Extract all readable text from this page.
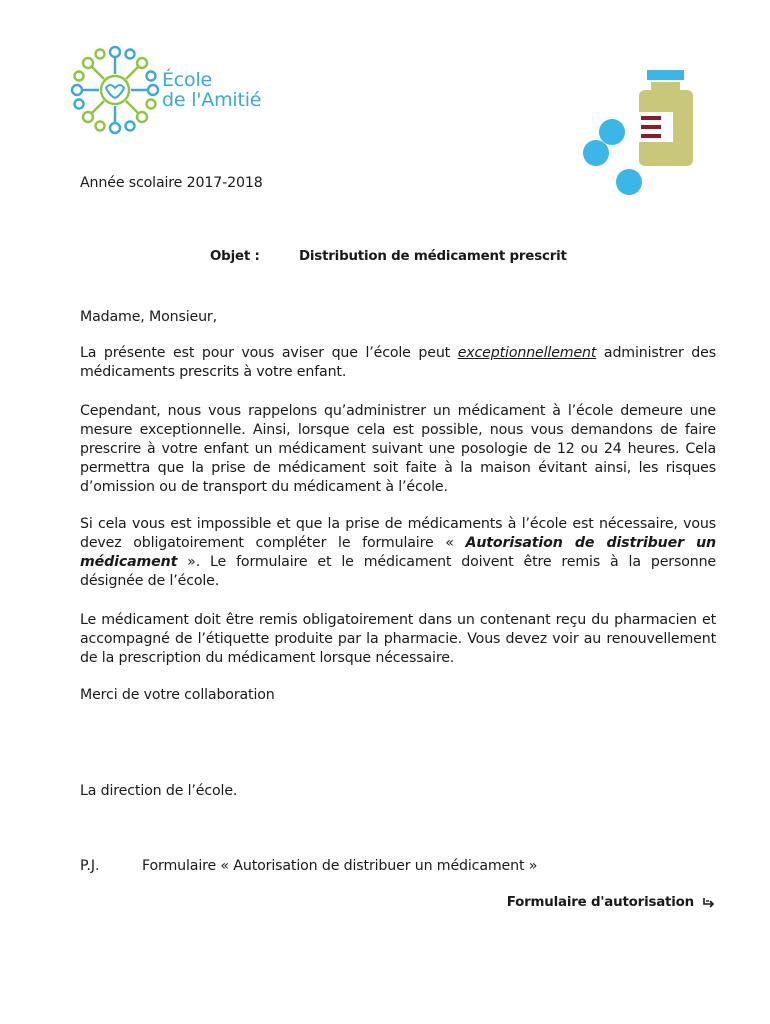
École
de l'Amitié
Année scolaire 2017-2018
Objet :	Distribution de médicament prescrit
Madame, Monsieur,
La présente est pour vous aviser que l’école peut exceptionnellement administrer des médicaments prescrits à votre enfant.
Cependant, nous vous rappelons qu’administrer un médicament à l’école demeure une mesure exceptionnelle. Ainsi, lorsque cela est possible, nous vous demandons de faire prescrire à votre enfant un médicament suivant une posologie de 12 ou 24 heures. Cela permettra que la prise de médicament soit faite à la maison évitant ainsi, les risques d’omission ou de transport du médicament à l’école.
Si cela vous est impossible et que la prise de médicaments à l’école est nécessaire, vous devez obligatoirement compléter le formulaire « Autorisation de distribuer un médicament ». Le formulaire et le médicament doivent être remis à la personne désignée de l’école.
Le médicament doit être remis obligatoirement dans un contenant reçu du pharmacien et accompagné de l’étiquette produite par la pharmacie. Vous devez voir au renouvellement de la prescription du médicament lorsque nécessaire.
Merci de votre collaboration
La direction de l’école.
P.J.	Formulaire « Autorisation de distribuer un médicament »
Formulaire d'autorisation
